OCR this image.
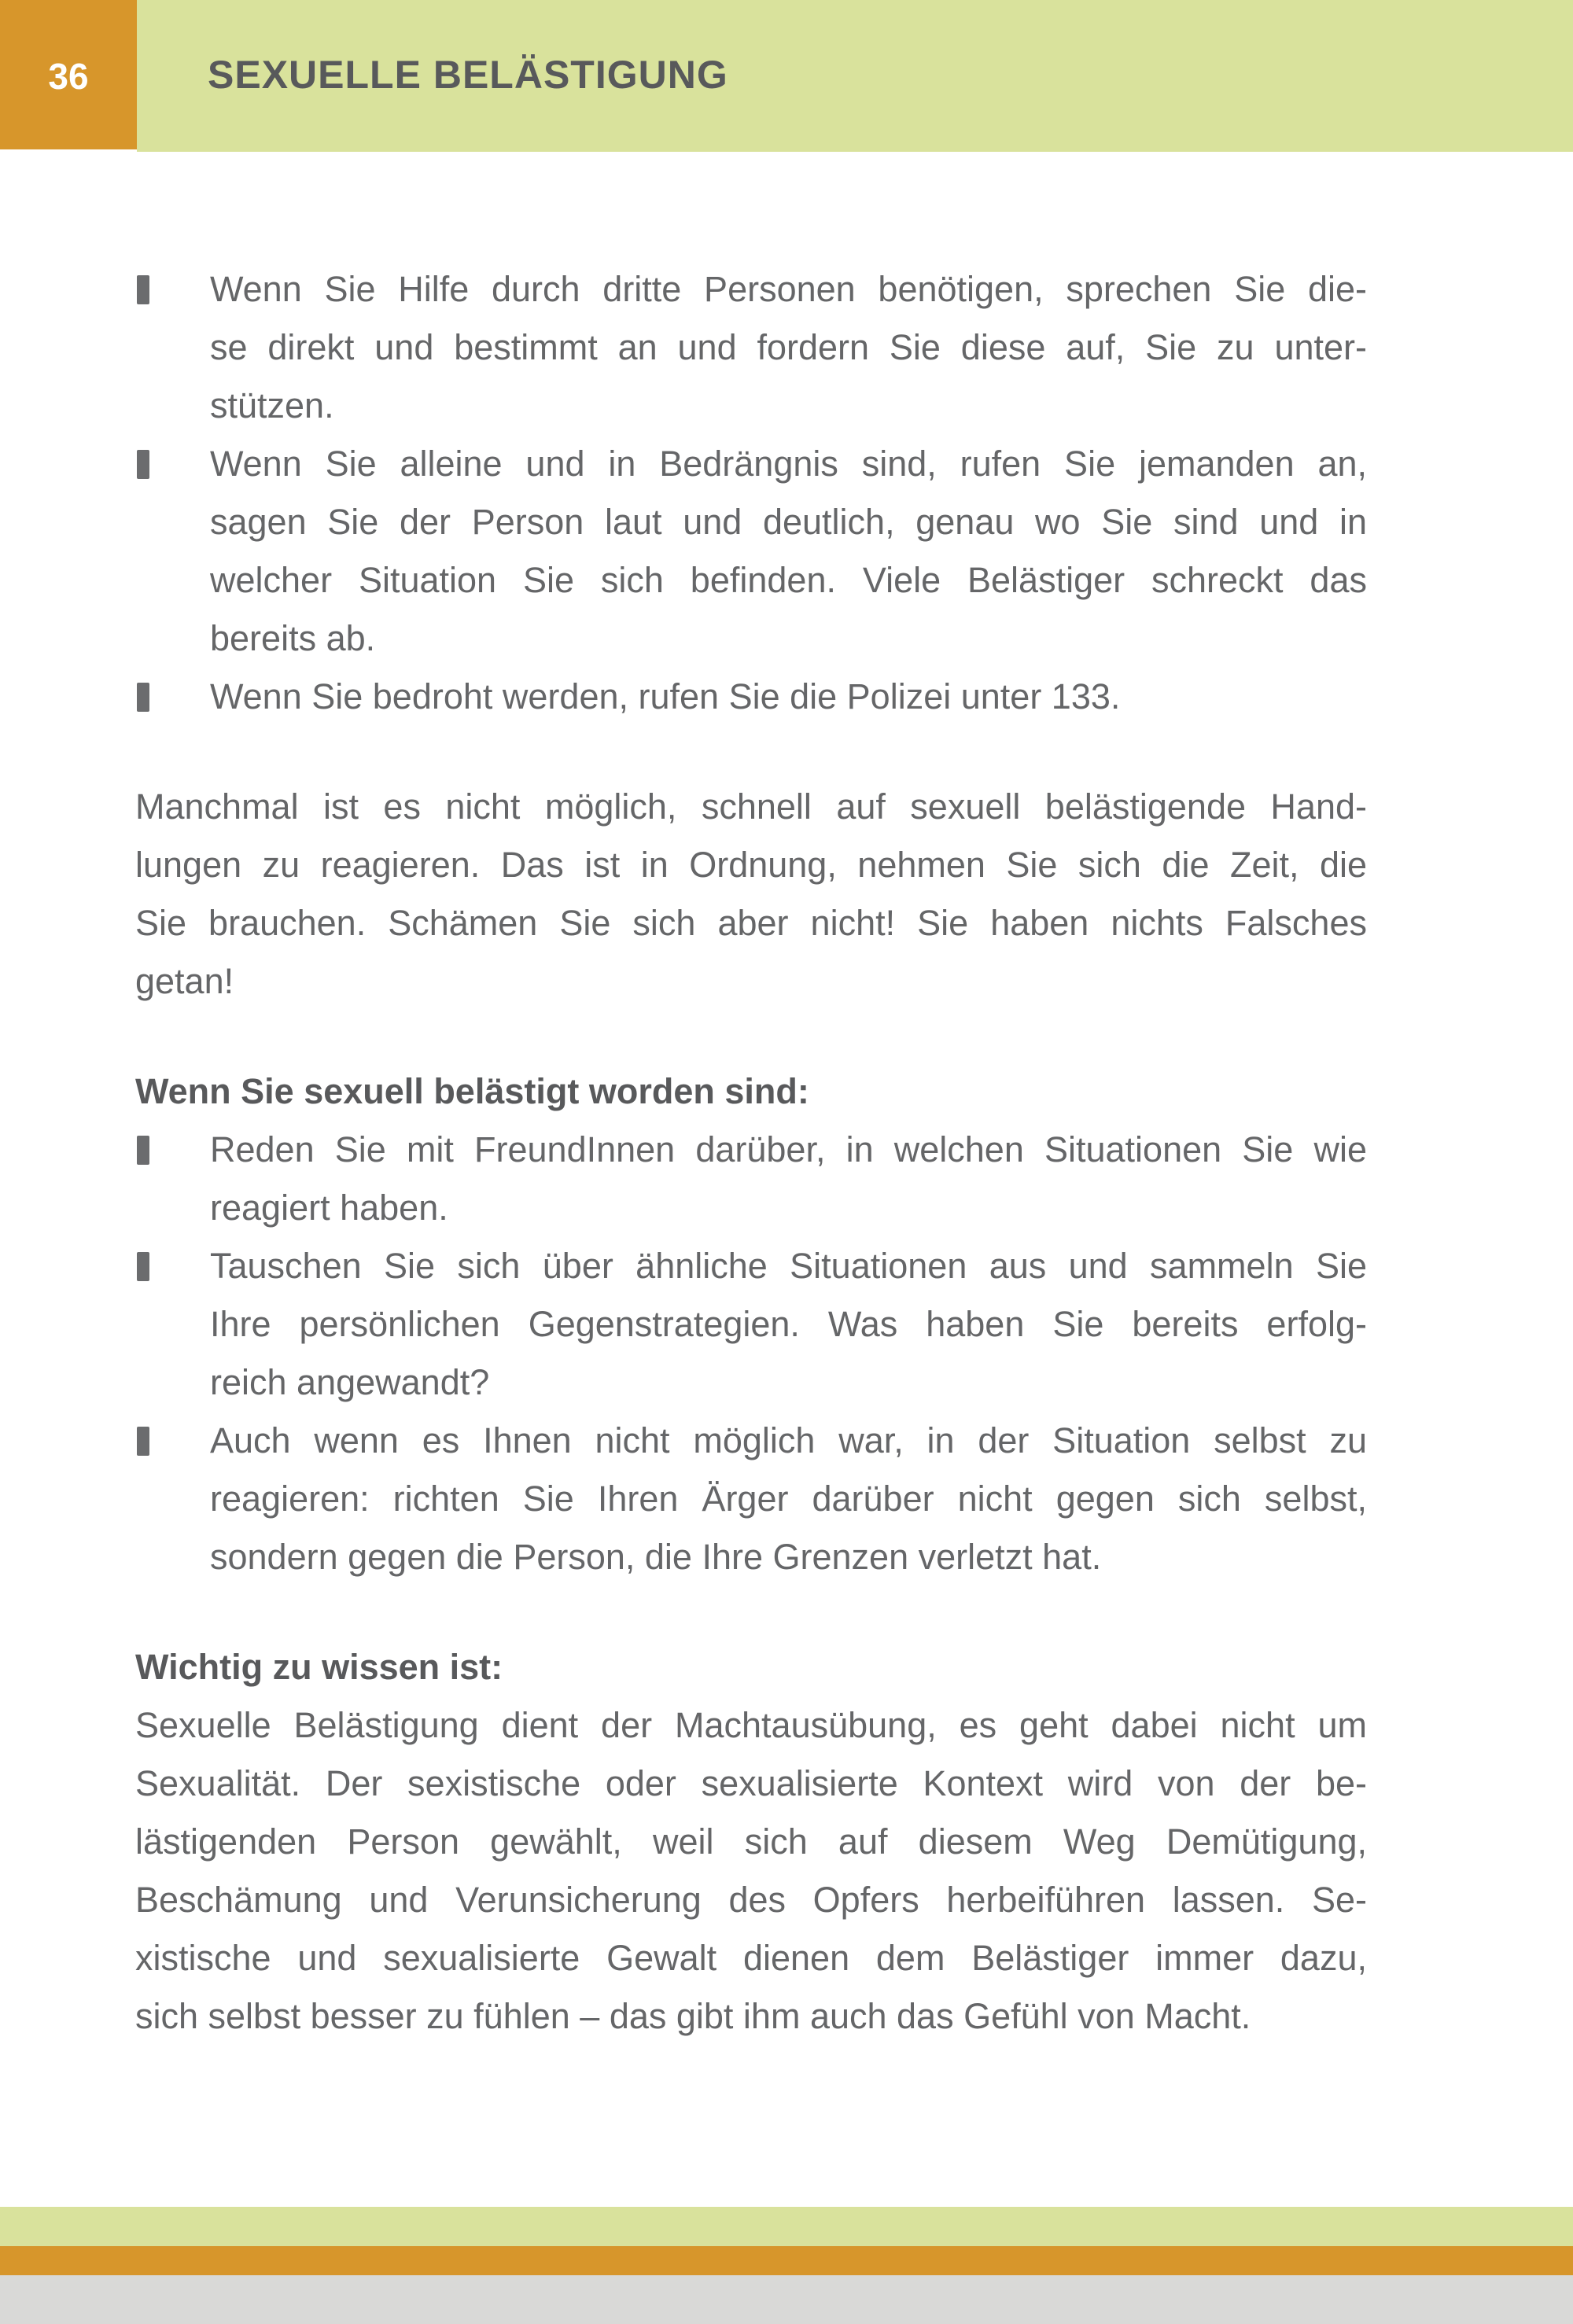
36	SEXUELLE BELÄSTIGUNG
Wenn Sie Hilfe durch dritte Personen benötigen, sprechen Sie die-
se direkt und bestimmt an und fordern Sie diese auf, Sie zu unter-
stützen.
Wenn Sie alleine und in Bedrängnis sind, rufen Sie jemanden an,
sagen Sie der Person laut und deutlich, genau wo Sie sind und in
welcher Situation Sie sich befinden. Viele Belästiger schreckt das
bereits ab.
Wenn Sie bedroht werden, rufen Sie die Polizei unter 133.
Manchmal ist es nicht möglich, schnell auf sexuell belästigende Hand-
lungen zu reagieren. Das ist in Ordnung, nehmen Sie sich die Zeit, die
Sie brauchen. Schämen Sie sich aber nicht! Sie haben nichts Falsches
getan!
Wenn Sie sexuell belästigt worden sind:
Reden Sie mit FreundInnen darüber, in welchen Situationen Sie wie
reagiert haben.
Tauschen Sie sich über ähnliche Situationen aus und sammeln Sie
Ihre persönlichen Gegenstrategien. Was haben Sie bereits erfolg-
reich angewandt?
Auch wenn es Ihnen nicht möglich war, in der Situation selbst zu
reagieren: richten Sie Ihren Ärger darüber nicht gegen sich selbst,
sondern gegen die Person, die Ihre Grenzen verletzt hat.
Wichtig zu wissen ist:
Sexuelle Belästigung dient der Machtausübung, es geht dabei nicht um
Sexualität. Der sexistische oder sexualisierte Kontext wird von der be-
lästigenden Person gewählt, weil sich auf diesem Weg Demütigung,
Beschämung und Verunsicherung des Opfers herbeiführen lassen. Se-
xistische und sexualisierte Gewalt dienen dem Belästiger immer dazu,
sich selbst besser zu fühlen – das gibt ihm auch das Gefühl von Macht.
